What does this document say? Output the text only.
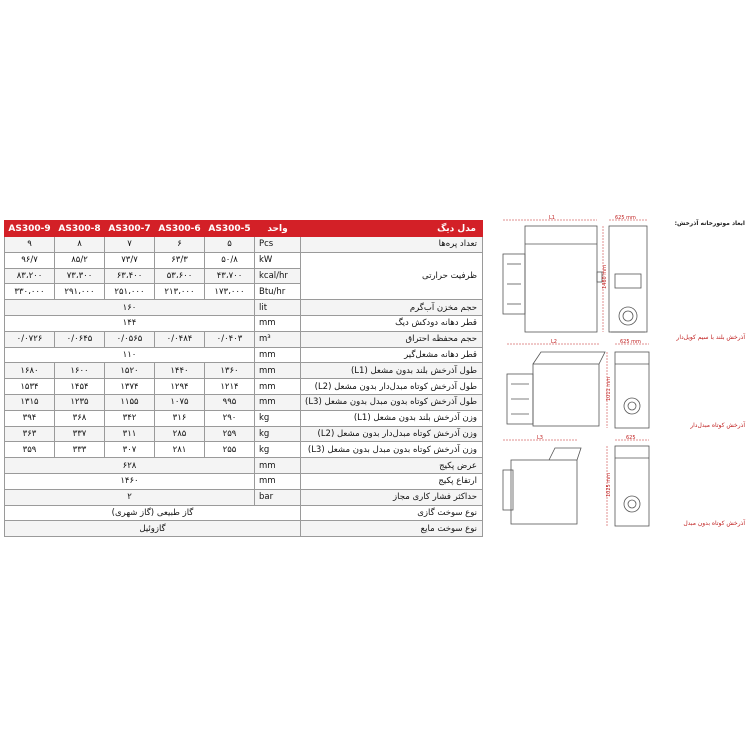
AS300-9	AS300-8	AS300-7	AS300-6	AS300-5	واحد	مدل دیگ
۹	۸	۷	۶	۵	Pcs	تعداد پره‌ها
۹۶/۷	۸۵/۲	۷۳/۷	۶۳/۳	۵۰/۸	kW	ظرفیت حرارتی
۸۳،۲۰۰	۷۳،۳۰۰	۶۳،۴۰۰	۵۳،۶۰۰	۴۳،۷۰۰	kcal/hr	
۳۳۰،۰۰۰	۲۹۱،۰۰۰	۲۵۱،۰۰۰	۲۱۳،۰۰۰	۱۷۳،۰۰۰	Btu/hr	
۱۶۰					lit	حجم مخزن آب‌گرم
۱۴۴					mm	قطر دهانه دودکش دیگ
۰/۰۷۲۶	۰/۰۶۴۵	۰/۰۵۶۵	۰/۰۴۸۴	۰/۰۴۰۳	m³	حجم محفظه احتراق
۱۱۰					mm	قطر دهانه مشعل‌گیر
۱۶۸۰	۱۶۰۰	۱۵۲۰	۱۴۴۰	۱۳۶۰	mm	طول آذرخش بلند بدون مشعل (L1)
۱۵۳۴	۱۴۵۴	۱۳۷۴	۱۲۹۴	۱۲۱۴	mm	طول آذرخش کوتاه مبدل‌دار بدون مشعل (L2)
۱۳۱۵	۱۲۳۵	۱۱۵۵	۱۰۷۵	۹۹۵	mm	طول آذرخش کوتاه بدون مبدل بدون مشعل (L3)
۳۹۴	۳۶۸	۳۴۲	۳۱۶	۲۹۰	kg	وزن آذرخش بلند بدون مشعل (L1)
۳۶۳	۳۳۷	۳۱۱	۲۸۵	۲۵۹	kg	وزن آذرخش کوتاه مبدل‌دار بدون مشعل (L2)
۳۵۹	۳۳۳	۳۰۷	۲۸۱	۲۵۵	kg	وزن آذرخش کوتاه بدون مبدل بدون مشعل (L3)
۶۲۸					mm	عرض پکیج
۱۴۶۰					mm	ارتفاع پکیج
۲					bar	حداکثر فشار کاری مجاز
گاز طبیعی (گاز شهری)						نوع سوخت گازی
گازوئیل						نوع سوخت مایع
ابعاد موتورخانه آذرخش:
L1	625 mm
1460 mm
L2	625 mm
1011 mm
L3	625
1025 mm
آذرخش بلند با سیم کویل‌دار
آذرخش کوتاه مبدل‌دار
آذرخش کوتاه بدون مبدل
